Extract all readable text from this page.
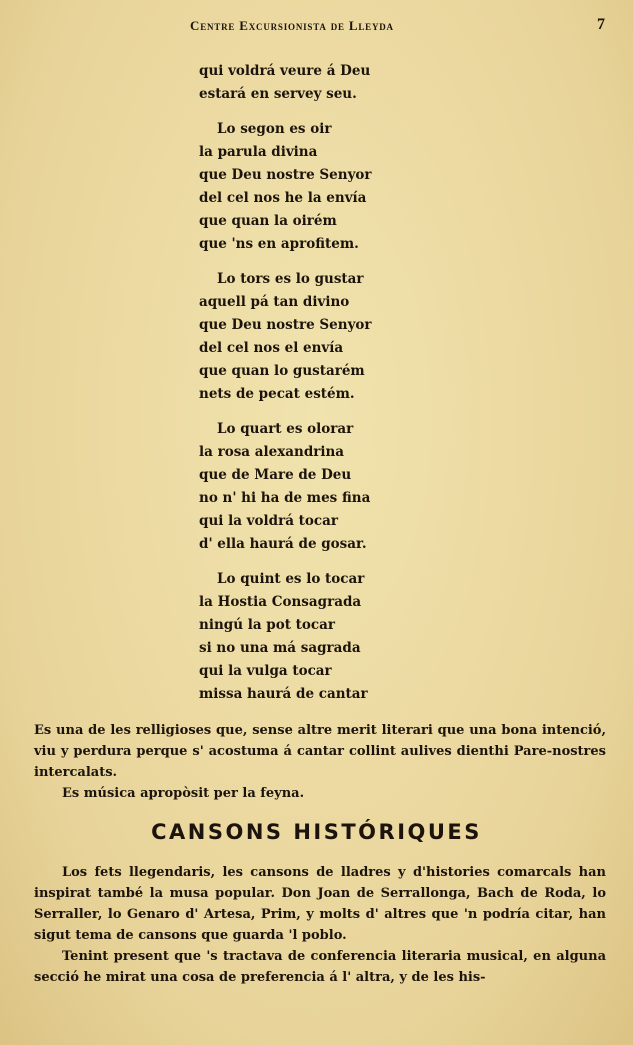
Centre Excursionista de Lleyda	7
qui voldrá veure á Deu
estará en servey seu.
Lo segon es oir
la parula divina
que Deu nostre Senyor
del cel nos he la envía
que quan la oirém
que 'ns en aprofitem.
Lo tors es lo gustar
aquell pá tan divino
que Deu nostre Senyor
del cel nos el envía
que quan lo gustarém
nets de pecat estém.
Lo quart es olorar
la rosa alexandrina
que de Mare de Deu
no n' hi ha de mes fina
qui la voldrá tocar
d' ella haurá de gosar.
Lo quint es lo tocar
la Hostia Consagrada
ningú la pot tocar
si no una má sagrada
qui la vulga tocar
missa haurá de cantar

Es una de les relligioses que, sense altre merit literari que una bona intenció, viu y perdura perque s' acostuma á cantar collint aulives dienthi Pare-nostres intercalats.

Es música apropòsit per la feyna.

CANSONS HISTÓRIQUES

Los fets llegendaris, les cansons de lladres y d'histories comarcals han inspirat també la musa popular. Don Joan de Serrallonga, Bach de Roda, lo Serraller, lo Genaro d' Artesa, Prim, y molts d' altres que 'n podría citar, han sigut tema de cansons que guarda 'l poblo.

Tenint present que 's tractava de conferencia literaria musical, en alguna secció he mirat una cosa de preferencia á l' altra, y de les his-
